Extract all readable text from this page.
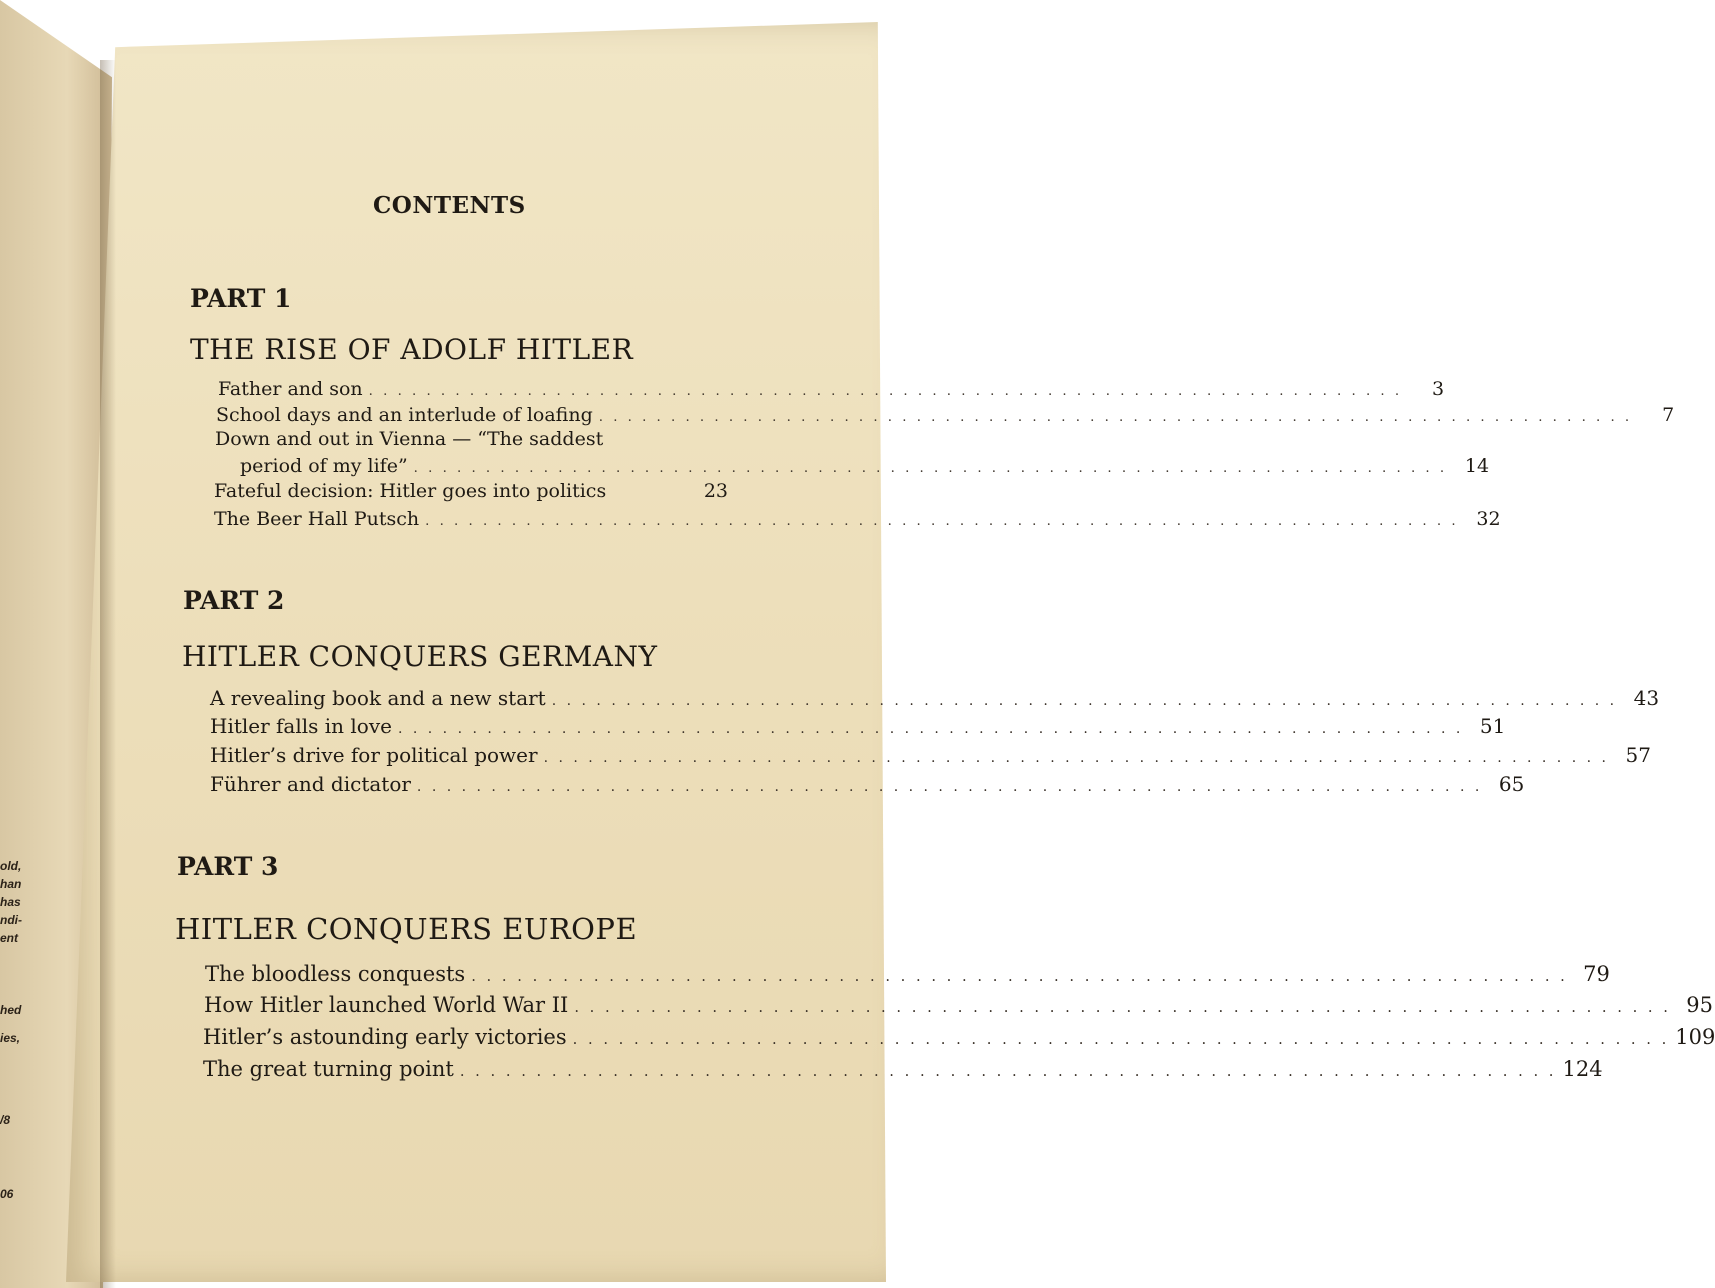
old,
han
has
ndi-
ent
hed
ies,
/8
06
CONTENTS
PART 1
THE RISE OF ADOLF HITLER
Father and son . . . . . . . . . . . . . . . . . . . . . . . . . . . . . . . . . . . . . . . . . . . . . . . . . . . . . . . . . . . . . . . . . . . . . . . .	3
School days and an interlude of loafing . . . . . . . . . . . . . . . . . . . . . . . . . . . . . . . . . . . . . . . . . . . . . . . . . . . . . . . . . . . . . . . . . . . . . . . .	7
Down and out in Vienna — “The saddest
period of my life” . . . . . . . . . . . . . . . . . . . . . . . . . . . . . . . . . . . . . . . . . . . . . . . . . . . . . . . . . . . . . . . . . . . . . . . . 14
Fateful decision: Hitler goes into politics	23
The Beer Hall Putsch . . . . . . . . . . . . . . . . . . . . . . . . . . . . . . . . . . . . . . . . . . . . . . . . . . . . . . . . . . . . . . . . . . . . . . . . 32
PART 2
HITLER CONQUERS GERMANY
A revealing book and a new start . . . . . . . . . . . . . . . . . . . . . . . . . . . . . . . . . . . . . . . . . . . . . . . . . . . . . . . . . . . . . . . . . . . . . . . . 43
Hitler falls in love . . . . . . . . . . . . . . . . . . . . . . . . . . . . . . . . . . . . . . . . . . . . . . . . . . . . . . . . . . . . . . . . . . . . . . . . 51
Hitler’s drive for political power . . . . . . . . . . . . . . . . . . . . . . . . . . . . . . . . . . . . . . . . . . . . . . . . . . . . . . . . . . . . . . . . . . . . . . . . 57
Führer and dictator . . . . . . . . . . . . . . . . . . . . . . . . . . . . . . . . . . . . . . . . . . . . . . . . . . . . . . . . . . . . . . . . . . . . . . . . 65
PART 3
HITLER CONQUERS EUROPE
The bloodless conquests . . . . . . . . . . . . . . . . . . . . . . . . . . . . . . . . . . . . . . . . . . . . . . . . . . . . . . . . . . . . . . . . . . . . . . . . 79
How Hitler launched World War II . . . . . . . . . . . . . . . . . . . . . . . . . . . . . . . . . . . . . . . . . . . . . . . . . . . . . . . . . . . . . . . . . . . . . . . . 95
Hitler’s astounding early victories . . . . . . . . . . . . . . . . . . . . . . . . . . . . . . . . . . . . . . . . . . . . . . . . . . . . . . . . . . . . . . . . . . . . . . . . 109
The great turning point . . . . . . . . . . . . . . . . . . . . . . . . . . . . . . . . . . . . . . . . . . . . . . . . . . . . . . . . . . . . . . . . . . . . . . . . 124
